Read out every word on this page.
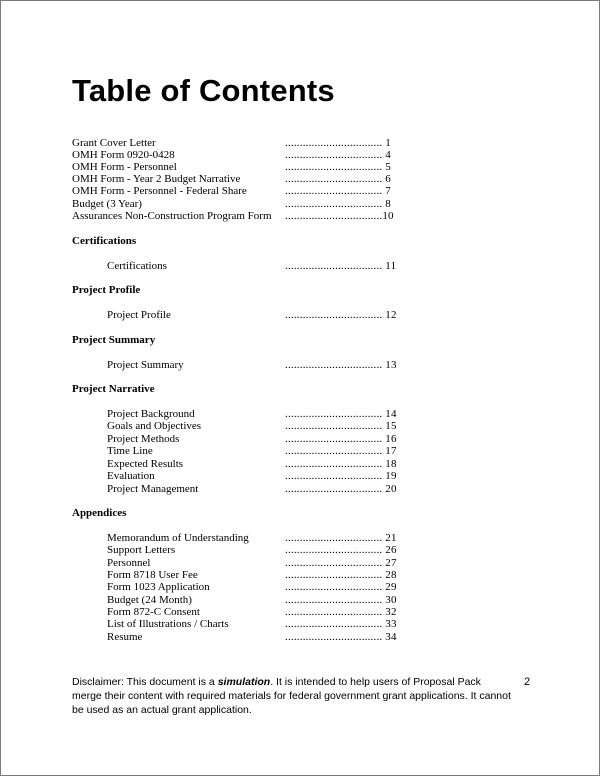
Table of Contents
Grant Cover Letter	................................. 1
OMH Form 0920-0428	................................. 4
OMH Form - Personnel	................................. 5
OMH Form - Year 2 Budget Narrative	................................. 6
OMH Form - Personnel - Federal Share	................................. 7
Budget (3 Year)	................................. 8
Assurances Non-Construction Program Form .................................10
Certifications
Certifications	................................. 11
Project Profile
Project Profile	................................. 12
Project Summary
Project Summary	................................. 13
Project Narrative
Project Background	................................. 14
Goals and Objectives	................................. 15
Project Methods	................................. 16
Time Line	................................. 17
Expected Results	................................. 18
Evaluation	................................. 19
Project Management	................................. 20
Appendices
Memorandum of Understanding	................................. 21
Support Letters	................................. 26
Personnel	................................. 27
Form 8718 User Fee	................................. 28
Form 1023 Application	................................. 29
Budget (24 Month)	................................. 30
Form 872-C Consent	................................. 32
List of Illustrations / Charts	................................. 33
Resume	................................. 34

Disclaimer: This document is a simulation. It is intended to help users of Proposal Pack merge their content with required materials for federal government grant applications. It cannot be used as an actual grant application.

2
